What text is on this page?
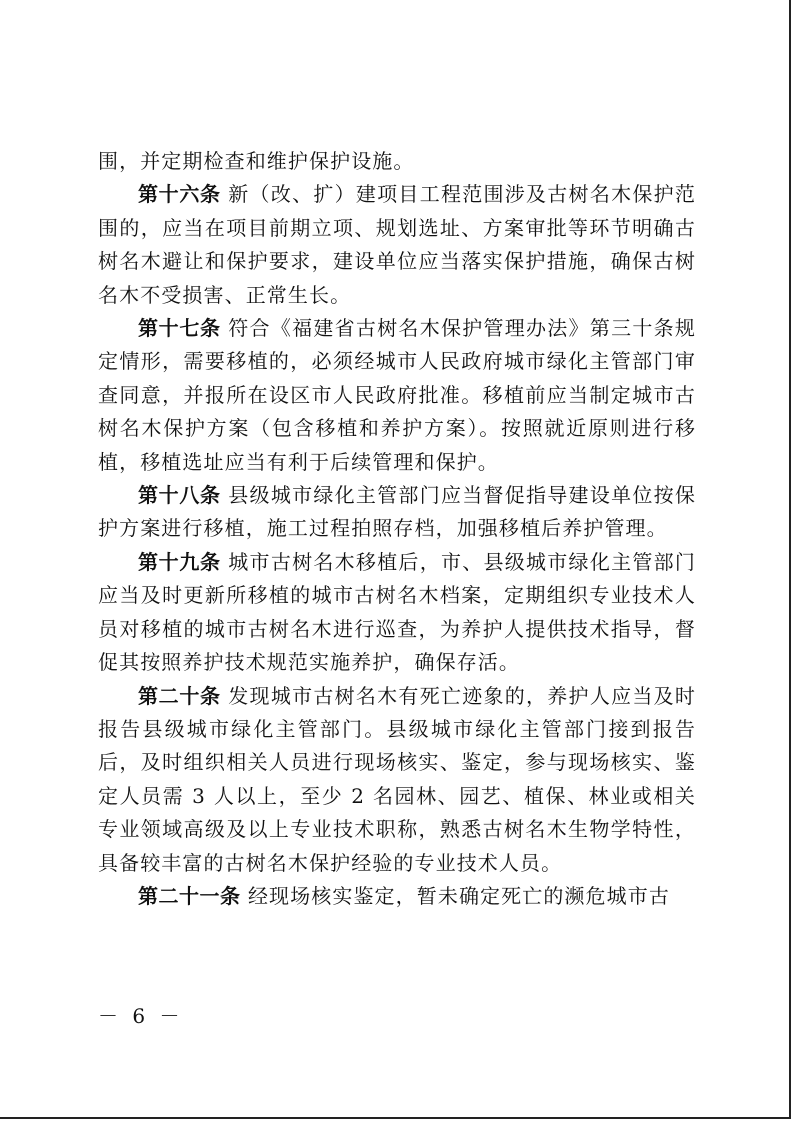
围，并定期检查和维护保护设施。

第十六条 新（改、扩）建项目工程范围涉及古树名木保护范围的，应当在项目前期立项、规划选址、方案审批等环节明确古树名木避让和保护要求，建设单位应当落实保护措施，确保古树名木不受损害、正常生长。

第十七条 符合《福建省古树名木保护管理办法》第三十条规定情形，需要移植的，必须经城市人民政府城市绿化主管部门审查同意，并报所在设区市人民政府批准。移植前应当制定城市古树名木保护方案（包含移植和养护方案）。按照就近原则进行移植，移植选址应当有利于后续管理和保护。

第十八条 县级城市绿化主管部门应当督促指导建设单位按保护方案进行移植，施工过程拍照存档，加强移植后养护管理。

第十九条 城市古树名木移植后，市、县级城市绿化主管部门应当及时更新所移植的城市古树名木档案，定期组织专业技术人员对移植的城市古树名木进行巡查，为养护人提供技术指导，督促其按照养护技术规范实施养护，确保存活。

第二十条 发现城市古树名木有死亡迹象的，养护人应当及时报告县级城市绿化主管部门。县级城市绿化主管部门接到报告后，及时组织相关人员进行现场核实、鉴定，参与现场核实、鉴定人员需 3 人以上，至少 2 名园林、园艺、植保、林业或相关专业领域高级及以上专业技术职称，熟悉古树名木生物学特性，具备较丰富的古树名木保护经验的专业技术人员。

第二十一条 经现场核实鉴定，暂未确定死亡的濒危城市古

－ 6 －
